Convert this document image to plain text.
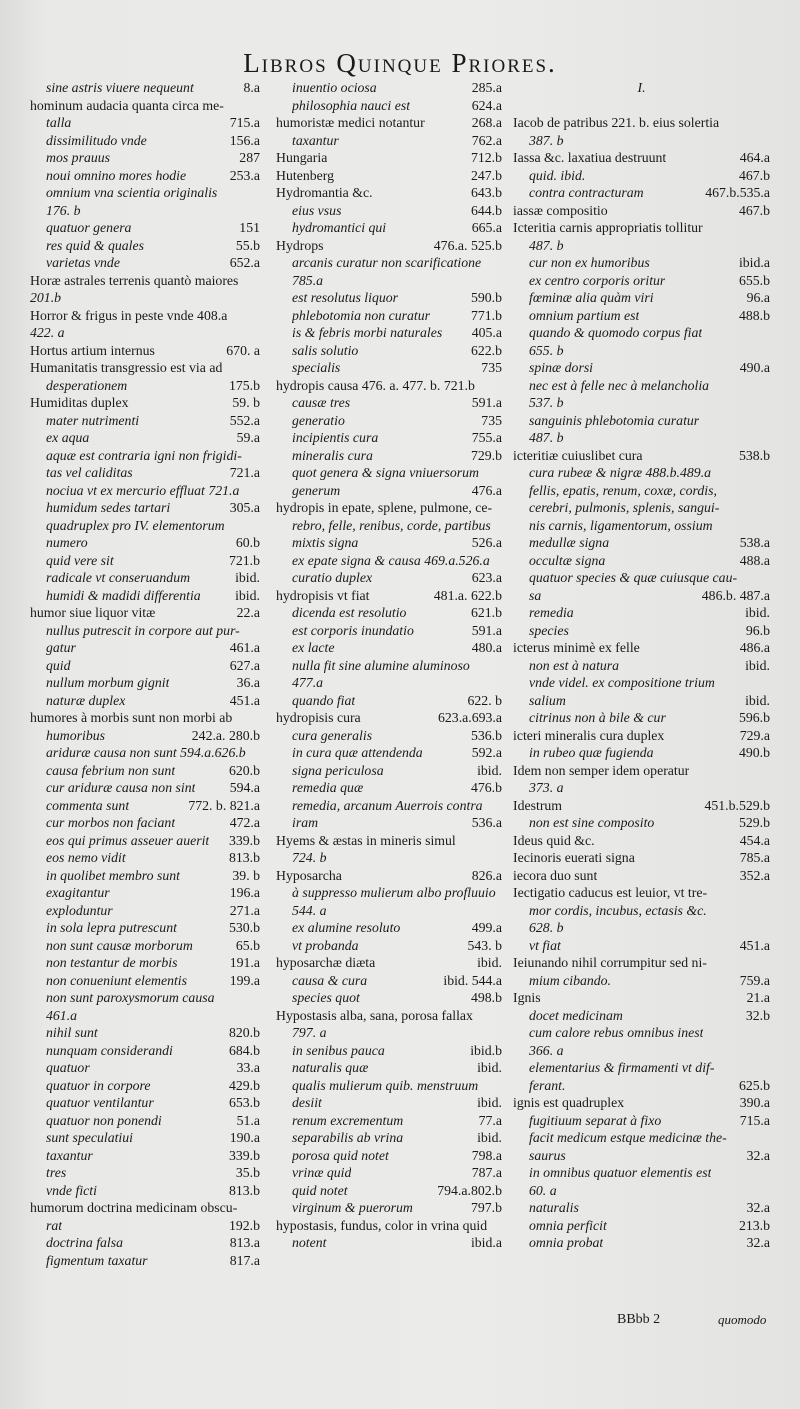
Libros Quinque Priores.
sine astris viuere nequeunt	8.a
hominum audacia quanta circa me-
talla	715.a
dissimilitudo vnde	156.a
mos prauus	287
noui omnino mores hodie	253.a
omnium vna scientia originalis
176. b
quatuor genera	151
res quid & quales	55.b
varietas vnde	652.a
Horæ astrales terrenis quantò maiores
201.b
Horror & frigus in peste vnde 408.a
422. a
Hortus artium internus	670. a
Humanitatis transgressio est via ad
desperationem	175.b
Humiditas duplex	59. b
mater nutrimenti	552.a
ex aqua	59.a
aquæ est contraria igni non frigidi-
tas vel caliditas	721.a
nociua vt ex mercurio effluat 721.a
humidum sedes tartari	305.a
quadruplex pro IV. elementorum
numero	60.b
quid vere sit	721.b
radicale vt conseruandum	ibid.
humidi & madidi differentia ibid.
humor siue liquor vitæ	22.a
nullus putrescit in corpore aut pur-
gatur	461.a
quid	627.a
nullum morbum gignit	36.a
naturæ duplex	451.a
humores à morbis sunt non morbi ab
humoribus	242.a. 280.b
ariduræ causa non sunt 594.a.626.b
causa febrium non sunt	620.b
cur ariduræ causa non sint 594.a
commenta sunt	772. b. 821.a
cur morbos non faciant	472.a
eos qui primus asseuer auerit 339.b
eos nemo vidit	813.b
in quolibet membro sunt	39. b
exagitantur	196.a
exploduntur	271.a
in sola lepra putrescunt	530.b
non sunt causæ morborum	65.b
non testantur de morbis	191.a
non conueniunt elementis	199.a
non sunt paroxysmorum causa
461.a
nihil sunt	820.b
nunquam considerandi	684.b
quatuor	33.a
quatuor in corpore	429.b
quatuor ventilantur	653.b
quatuor non ponendi	51.a
sunt speculatiui	190.a
taxantur	339.b
tres	35.b
vnde ficti	813.b
humorum doctrina medicinam obscu-
rat	192.b
doctrina falsa	813.a
figmentum taxatur	817.a
inuentio ociosa	285.a
philosophia nauci est	624.a
humoristæ medici notantur	268.a
taxantur	762.a
Hungaria	712.b
Hutenberg	247.b
Hydromantia &c.	643.b
eius vsus	644.b
hydromantici qui	665.a
Hydrops	476.a. 525.b
arcanis curatur non scarificatione
785.a
est resolutus liquor	590.b
phlebotomia non curatur	771.b
is & febris morbi naturales 405.a
salis solutio	622.b
specialis	735
hydropis causa 476. a. 477. b. 721.b
causæ tres	591.a
generatio	735
incipientis cura	755.a
mineralis cura	729.b
quot genera & signa vniuersorum
generum	476.a
hydropis in epate, splene, pulmone, ce-
rebro, felle, renibus, corde, partibus
mixtis signa	526.a
ex epate signa & causa 469.a.526.a
curatio duplex	623.a
hydropisis vt fiat	481.a. 622.b
dicenda est resolutio	621.b
est corporis inundatio	591.a
ex lacte	480.a
nulla fit sine alumine aluminoso
477.a
quando fiat	622. b
hydropisis cura	623.a.693.a
cura generalis	536.b
in cura quæ attendenda	592.a
signa periculosa	ibid.
remedia quæ	476.b
remedia, arcanum Auerrois contra
iram	536.a
Hyems & æstas in mineris simul
724. b
Hyposarcha	826.a
à suppresso mulierum albo profluuio
544. a
ex alumine resoluto	499.a
vt probanda	543. b
hyposarchæ diæta	ibid.
causa & cura	ibid. 544.a
species quot	498.b
Hypostasis alba, sana, porosa fallax
797. a
in senibus pauca	ibid.b
naturalis quæ	ibid.
qualis mulierum quib. menstruum
desiit	ibid.
renum excrementum	77.a
separabilis ab vrina	ibid.
porosa quid notet	798.a
vrinæ quid	787.a
quid notet	794.a.802.b
virginum & puerorum	797.b
hypostasis, fundus, color in vrina quid
notent	ibid.a
I.
Iacob de patribus 221. b. eius solertia
387. b
Iassa &c. laxatiua destruunt	464.a
quid. ibid.	467.b
contra contracturam	467.b.535.a
iassæ compositio	467.b
Icteritia carnis appropriatis tollitur
487. b
cur non ex humoribus	ibid.a
ex centro corporis oritur	655.b
fœminæ alia quàm viri	96.a
omnium partium est	488.b
quando & quomodo corpus fiat
655. b
spinæ dorsi	490.a
nec est à felle nec à melancholia
537. b
sanguinis phlebotomia curatur
487. b
icteritiæ cuiuslibet cura	538.b
cura rubeæ & nigræ 488.b.489.a
fellis, epatis, renum, coxæ, cordis,
cerebri, pulmonis, splenis, sangui-
nis carnis, ligamentorum, ossium
medullæ signa	538.a
occultæ signa	488.a
quatuor species & quæ cuiusque cau-
sa	486.b. 487.a
remedia	ibid.
species	96.b
icterus minimè ex felle	486.a
non est à natura	ibid.
vnde videl. ex compositione trium
salium	ibid.
citrinus non à bile & cur	596.b
icteri mineralis cura duplex	729.a
in rubeo quæ fugienda	490.b
Idem non semper idem operatur
373. a
Idestrum	451.b.529.b
non est sine composito	529.b
Ideus quid &c.	454.a
Iecinoris euerati signa	785.a
iecora duo sunt	352.a
Iectigatio caducus est leuior, vt tre-
mor cordis, incubus, ectasis &c.
628. b
vt fiat	451.a
Ieiunando nihil corrumpitur sed ni-
mium cibando.	759.a
Ignis	21.a
docet medicinam	32.b
cum calore rebus omnibus inest
366. a
elementarius & firmamenti vt dif-
ferant.	625.b
ignis est quadruplex	390.a
fugitiuum separat à fixo	715.a
facit medicum estque medicinæ the-
saurus	32.a
in omnibus quatuor elementis est
60. a
naturalis	32.a
omnia perficit	213.b
omnia probat	32.a
BBbb 2	quomodo
